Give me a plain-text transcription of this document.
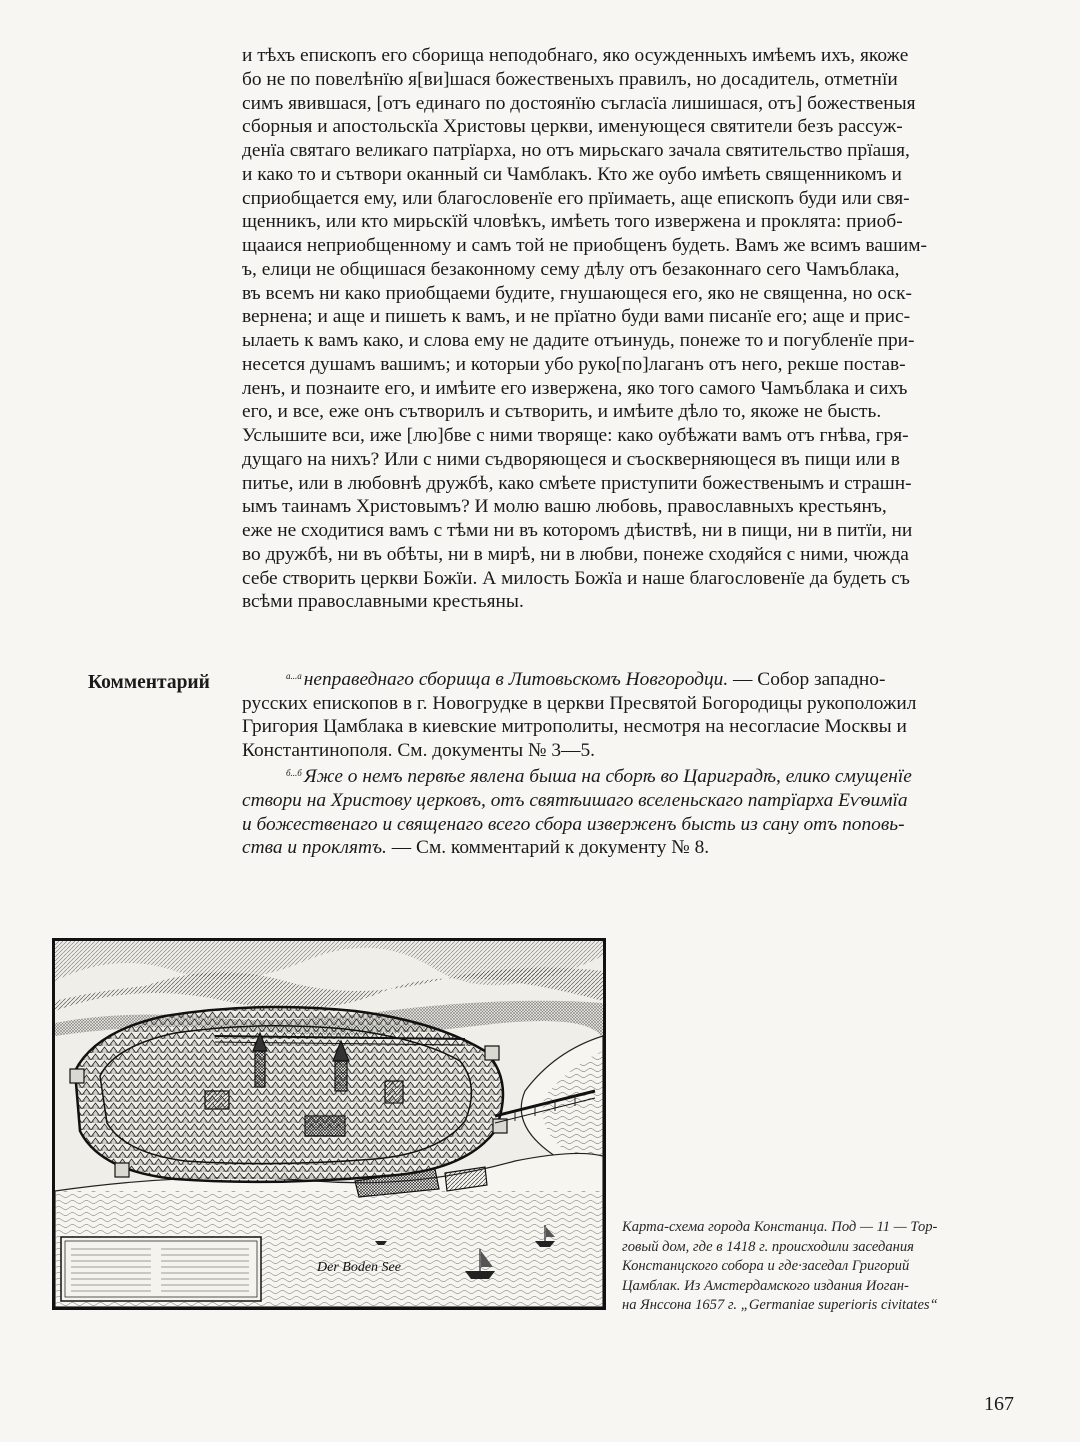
и тѣхъ епископъ его сборища неподобнаго, яко осужденныхъ имѣемъ ихъ, якоже
бо не по повелѣнїю я[ви]шася божественыхъ правилъ, но досадитель, отметнїи
симъ явившася, [отъ единаго по достоянїю съгласїа лишишася, отъ] божественыя
сборныя и апостольскїа Христовы церкви, именующеся святители безъ рассуж-
денїа святаго великаго патрїарха, но отъ мирьскаго зачала святительство прїашя,
и како то и сътвори оканный си Чамблакъ. Кто же оубо имѣеть священникомъ и
сприобщается ему, или благословенїе его прїимаеть, аще епископъ буди или свя-
щенникъ, или кто мирьскїй чловѣкъ, имѣеть того извержена и проклята: приоб-
щааися неприобщенному и самъ той не приобщенъ будеть. Вамъ же всимъ вашим-
ъ, елици не общишася безаконному сему дѣлу отъ безаконнаго сего Чамъблака,
въ всемъ ни како приобщаеми будите, гнушающеся его, яко не священна, но оск-
вернена; и аще и пишеть к вамъ, и не прїатно буди вами писанїе его; аще и прис-
ылаеть к вамъ како, и слова ему не дадите отъинудь, понеже то и погубленїе при-
несется душамъ вашимъ; и которыи убо руко[по]лаганъ отъ него, рекше постав-
ленъ, и познаите его, и имѣите его извержена, яко того самого Чамъблака и сихъ
его, и все, еже онъ сътворилъ и сътворить, и имѣите дѣло то, якоже не бысть.
Услышите вси, иже [лю]бве с ними творяще: како оубѣжати вамъ отъ гнѣва, гря-
дущаго на нихъ? Или с ними съдворяющеся и съоскверняющеся въ пищи или в
питье, или в любовнѣ дружбѣ, како смѣете приступити божественымъ и страшн-
ымъ таинамъ Христовымъ? И молю вашю любовь, православныхъ крестьянъ,
еже не сходитися вамъ с тѣми ни въ которомъ дѣиствѣ, ни в пищи, ни в питїи, ни
во дружбѣ, ни въ обѣты, ни в мирѣ, ни в любви, понеже сходяйся с ними, чюжда
себе створить церкви Божїи. А милость Божїа и наше благословенїе да будеть съ
всѣми православными крестьяны.
Комментарий	$^{а...а}$ неправеднаго сборища в Литовьскомъ Новгородци. — Собор западно-
русских епископов в г. Новогрудке в церкви Пресвятой Богородицы рукоположил
Григория Цамблака в киевские митрополиты, несмотря на несогласие Москвы и
Константинополя. См. документы № 3—5.
$^{б...б}$ Яже о немъ первѣе явлена быша на сборѣ во Цариградѣ, елико смущенїе
створи на Христову церковъ, отъ святѣишаго вселеньскаго патрїарха Еѵѳимїа
и божественаго и священаго всего сбора изверженъ бысть из сану отъ поповь-
ства и проклятъ. — См. комментарий к документу № 8.
Der Boden See
Карта-схема города Констанца. Под — 11 — Тор-
говый дом, где в 1418 г. происходили заседания
Констанцского собора и где·заседал Григорий
Цамблак. Из Амстердамского издания Иоган-
на Янссона 1657 г. „Germaniae superioris civitates“
167
